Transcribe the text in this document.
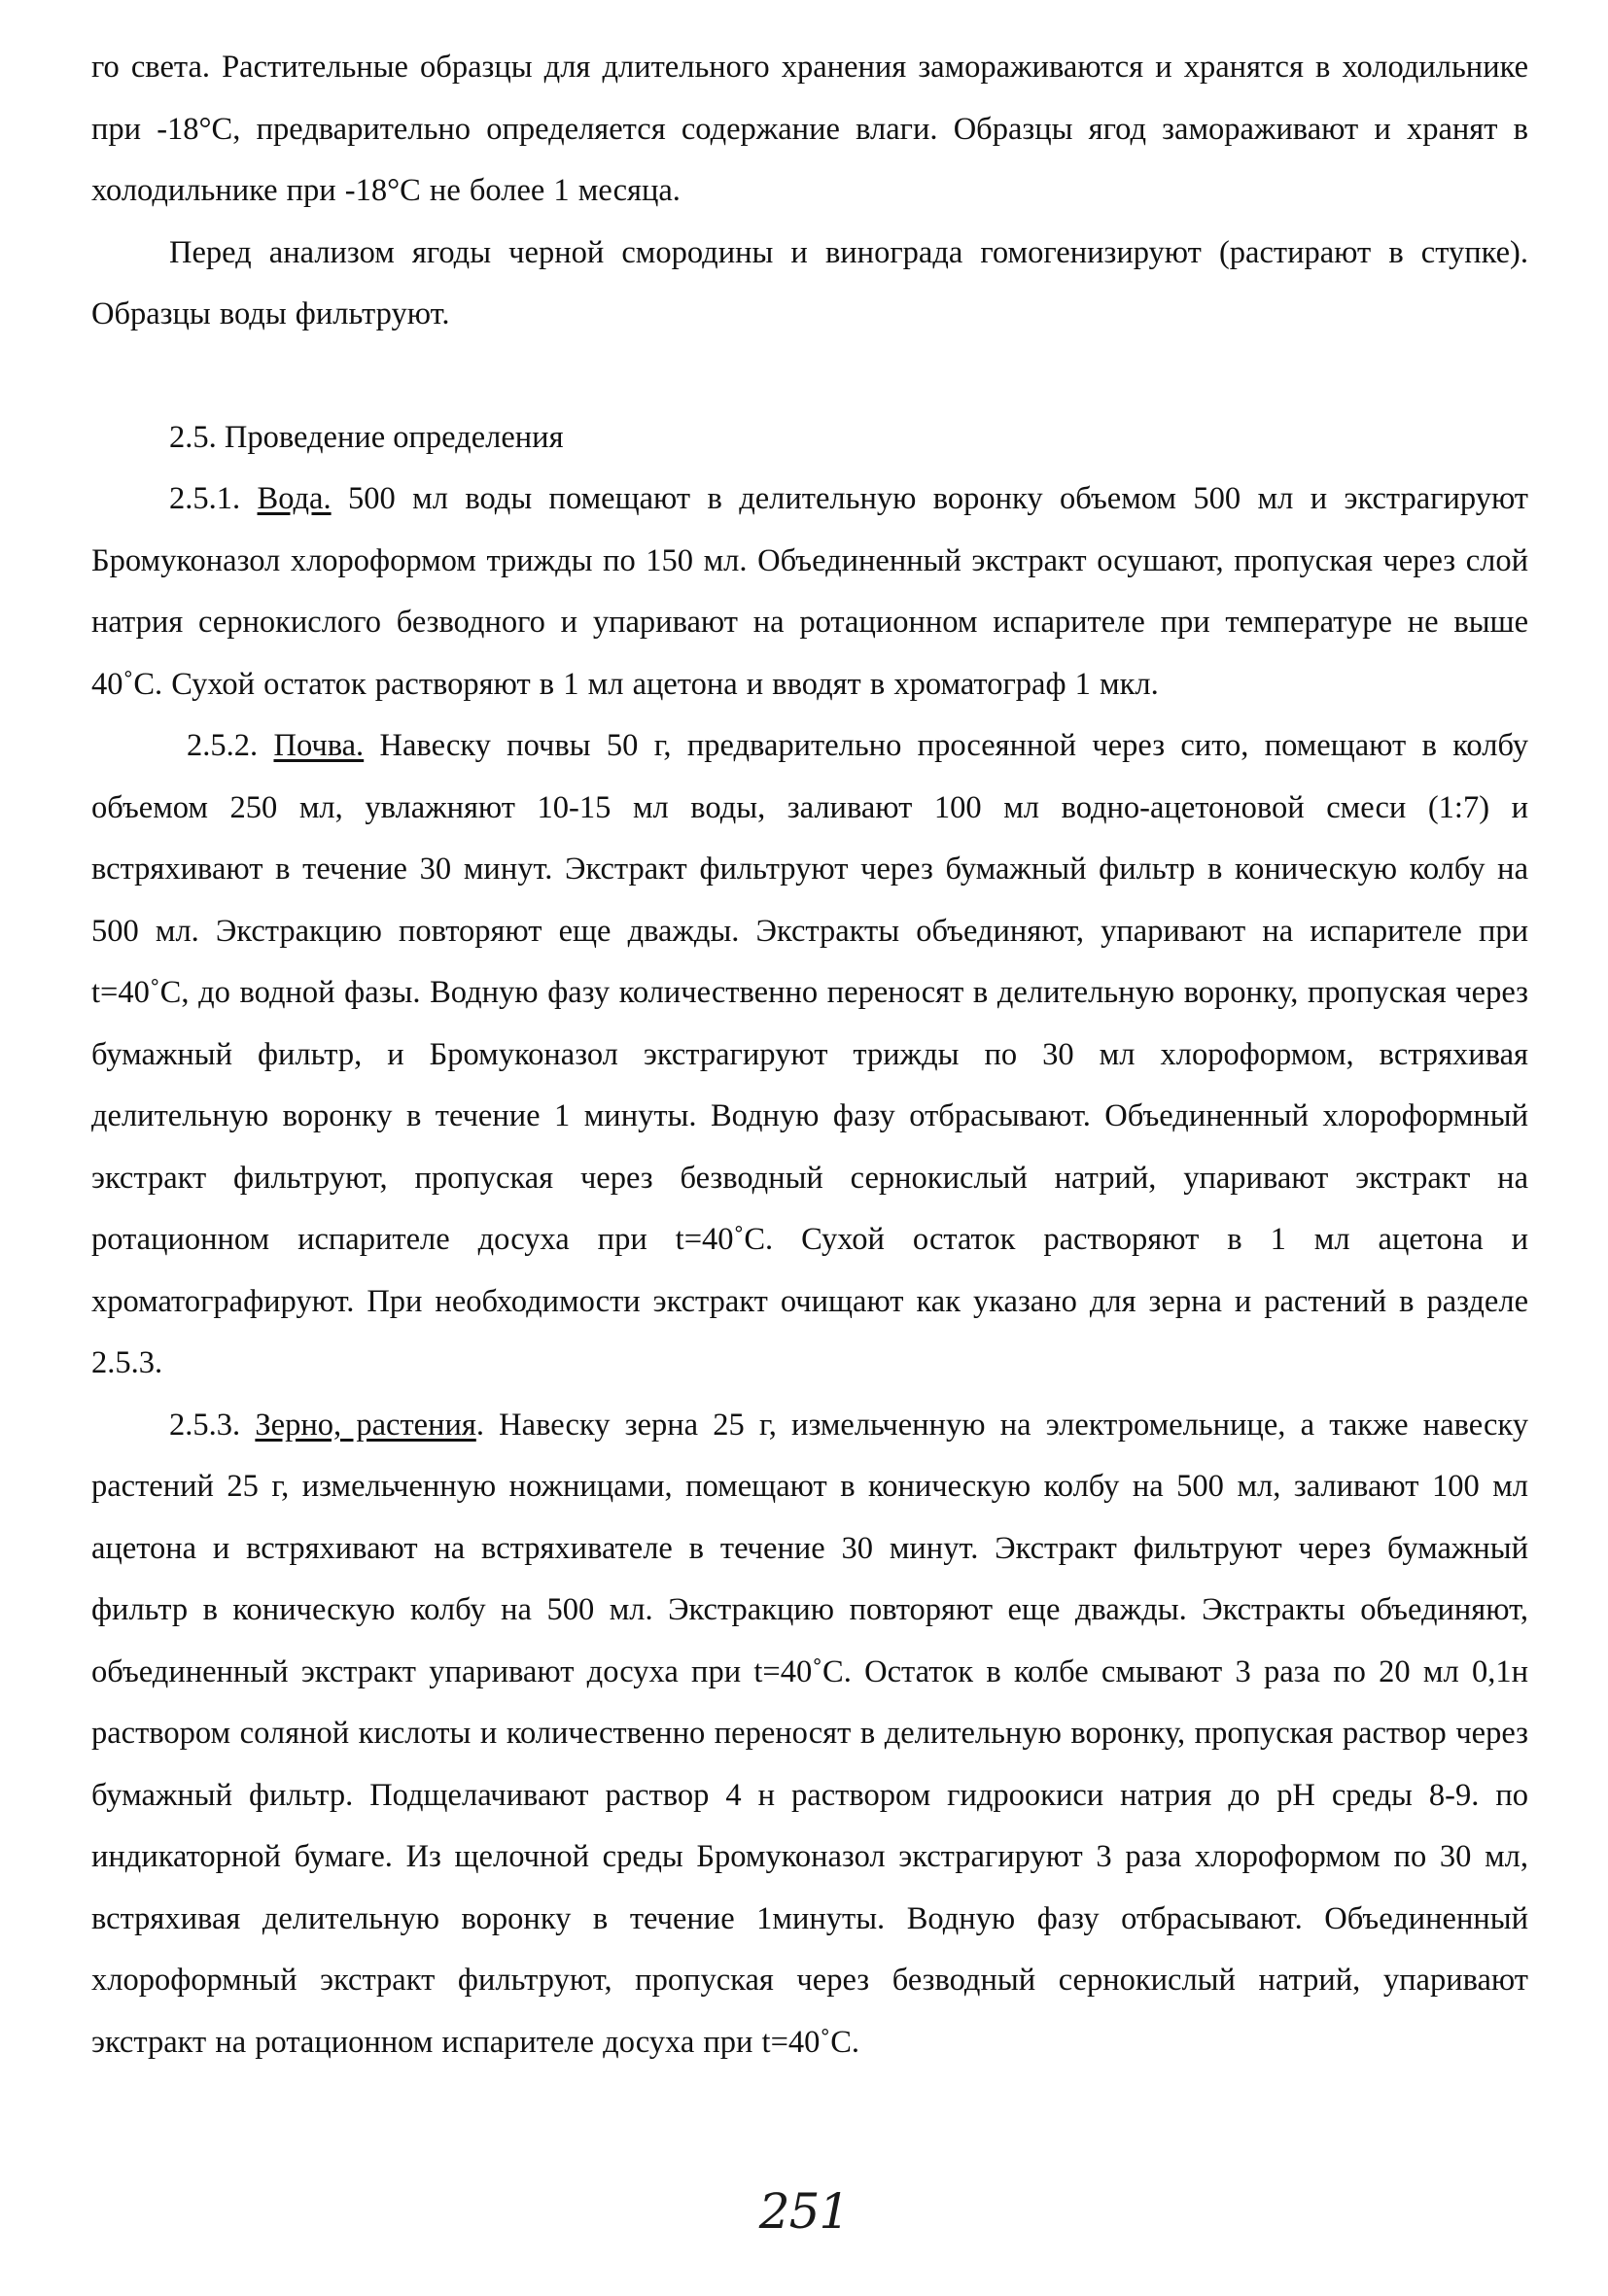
го света. Растительные образцы для длительного хранения замораживаются и хранятся в холодильнике при -18°С, предварительно определяется содержание влаги. Образцы ягод замораживают и хранят в холодильнике при -18°С не более 1 месяца.

Перед анализом ягоды черной смородины и винограда гомогенизируют (растирают в ступке). Образцы воды фильтруют.

2.5. Проведение определения

2.5.1. Вода. 500 мл воды помещают в делительную воронку объемом 500 мл и экстрагируют Бромуконазол хлороформом трижды по 150 мл. Объединенный экстракт осушают, пропуская через слой натрия сернокислого безводного и упаривают на ротационном испарителе при температуре не выше 40˚С. Сухой остаток растворяют в 1 мл ацетона и вводят в хроматограф 1 мкл.

2.5.2. Почва. Навеску почвы 50 г, предварительно просеянной через сито, помещают в колбу объемом 250 мл, увлажняют 10-15 мл воды, заливают 100 мл водно-ацетоновой смеси (1:7) и встряхивают в течение 30 минут. Экстракт фильтруют через бумажный фильтр в коническую колбу на 500 мл. Экстракцию повторяют еще дважды. Экстракты объединяют, упаривают на испарителе при t=40˚С, до водной фазы. Водную фазу количественно переносят в делительную воронку, пропуская через бумажный фильтр, и Бромуконазол экстрагируют трижды по 30 мл хлороформом, встряхивая делительную воронку в течение 1 минуты. Водную фазу отбрасывают. Объединенный хлороформный экстракт фильтруют, пропуская через безводный сернокислый натрий, упаривают экстракт на ротационном испарителе досуха при t=40˚С. Сухой остаток растворяют в 1 мл ацетона и хроматографируют. При необходимости экстракт очищают как указано для зерна и растений в разделе 2.5.3.

2.5.3. Зерно, растения. Навеску зерна 25 г, измельченную на электромельнице, а также навеску растений 25 г, измельченную ножницами, помещают в коническую колбу на 500 мл, заливают 100 мл ацетона и встряхивают на встряхивателе в течение 30 минут. Экстракт фильтруют через бумажный фильтр в коническую колбу на 500 мл. Экстракцию повторяют еще дважды. Экстракты объединяют, объединенный экстракт упаривают досуха при t=40˚С. Остаток в колбе смывают 3 раза по 20 мл 0,1н раствором соляной кислоты и количественно переносят в делительную воронку, пропуская раствор через бумажный фильтр. Подщелачивают раствор 4 н раствором гидроокиси натрия до рН среды 8-9. по индикаторной бумаге. Из щелочной среды Бромуконазол экстрагируют 3 раза хлороформом по 30 мл, встряхивая делительную воронку в течение 1минуты. Водную фазу отбрасывают. Объединенный хлороформный экстракт фильтруют, пропуская через безводный сернокислый натрий, упаривают экстракт на ротационном испарителе досуха при t=40˚С.

251
